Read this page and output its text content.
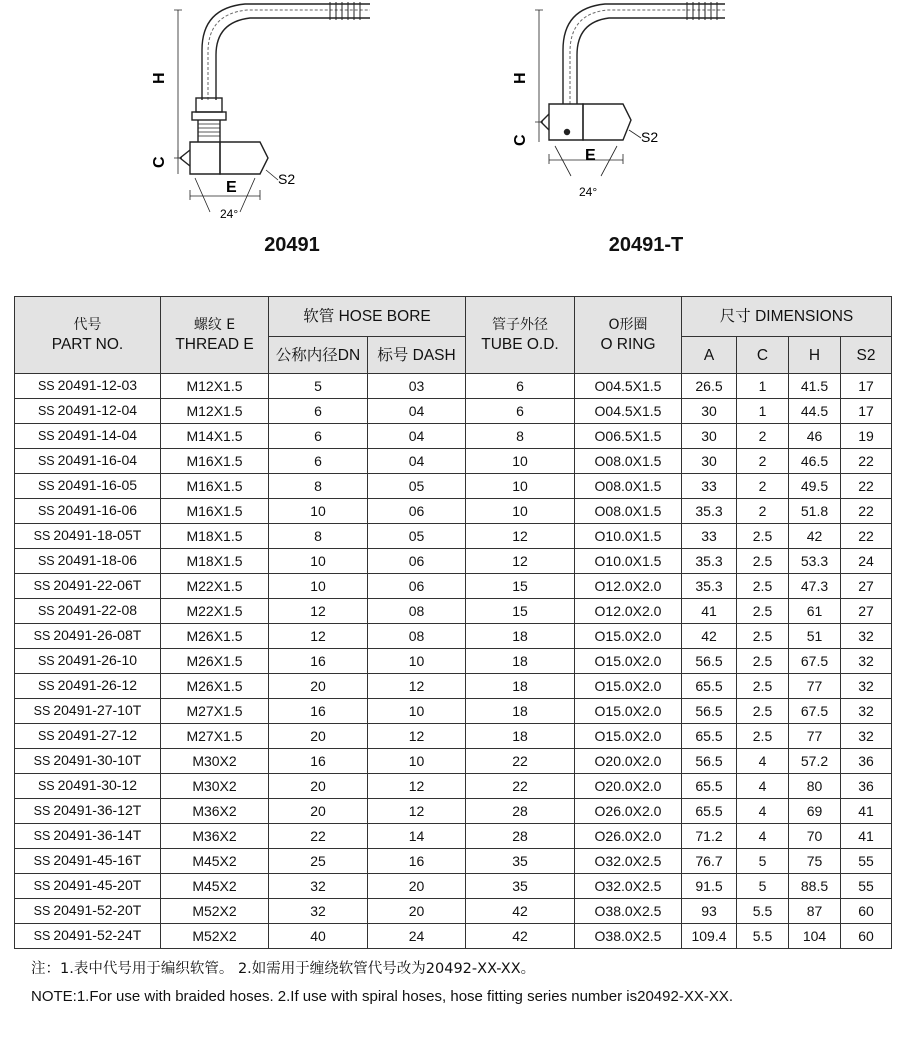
H
C
E	S2
24°
20491
H
C
E
S2
24°
20491-T
代号
PART NO.	螺纹 E
THREAD E	软管 HOSE BORE		管子外径
TUBE O.D.	O形圈
O RING	尺寸 DIMENSIONS			
		公称内径DN	标号 DASH			A	C	H	S2
SS 20491-12-03	M12X1.5	5	03	6	O04.5X1.5	26.5	1	41.5	17
SS 20491-12-04	M12X1.5	6	04	6	O04.5X1.5	30	1	44.5	17
SS 20491-14-04	M14X1.5	6	04	8	O06.5X1.5	30	2	46	19
SS 20491-16-04	M16X1.5	6	04	10	O08.0X1.5	30	2	46.5	22
SS 20491-16-05	M16X1.5	8	05	10	O08.0X1.5	33	2	49.5	22
SS 20491-16-06	M16X1.5	10	06	10	O08.0X1.5	35.3	2	51.8	22
SS 20491-18-05T	M18X1.5	8	05	12	O10.0X1.5	33	2.5	42	22
SS 20491-18-06	M18X1.5	10	06	12	O10.0X1.5	35.3	2.5	53.3	24
SS 20491-22-06T	M22X1.5	10	06	15	O12.0X2.0	35.3	2.5	47.3	27
SS 20491-22-08	M22X1.5	12	08	15	O12.0X2.0	41	2.5	61	27
SS 20491-26-08T	M26X1.5	12	08	18	O15.0X2.0	42	2.5	51	32
SS 20491-26-10	M26X1.5	16	10	18	O15.0X2.0	56.5	2.5	67.5	32
SS 20491-26-12	M26X1.5	20	12	18	O15.0X2.0	65.5	2.5	77	32
SS 20491-27-10T	M27X1.5	16	10	18	O15.0X2.0	56.5	2.5	67.5	32
SS 20491-27-12	M27X1.5	20	12	18	O15.0X2.0	65.5	2.5	77	32
SS 20491-30-10T	M30X2	16	10	22	O20.0X2.0	56.5	4	57.2	36
SS 20491-30-12	M30X2	20	12	22	O20.0X2.0	65.5	4	80	36
SS 20491-36-12T	M36X2	20	12	28	O26.0X2.0	65.5	4	69	41
SS 20491-36-14T	M36X2	22	14	28	O26.0X2.0	71.2	4	70	41
SS 20491-45-16T	M45X2	25	16	35	O32.0X2.5	76.7	5	75	55
SS 20491-45-20T	M45X2	32	20	35	O32.0X2.5	91.5	5	88.5	55
SS 20491-52-20T	M52X2	32	20	42	O38.0X2.5	93	5.5	87	60
SS 20491-52-24T	M52X2	40	24	42	O38.0X2.5	109.4	5.5	104	60
注：1.表中代号用于编织软管。 2.如需用于缠绕软管代号改为20492-XX-XX。
NOTE:1.For use with braided hoses. 2.If use with spiral hoses, hose fitting series number is20492-XX-XX.
